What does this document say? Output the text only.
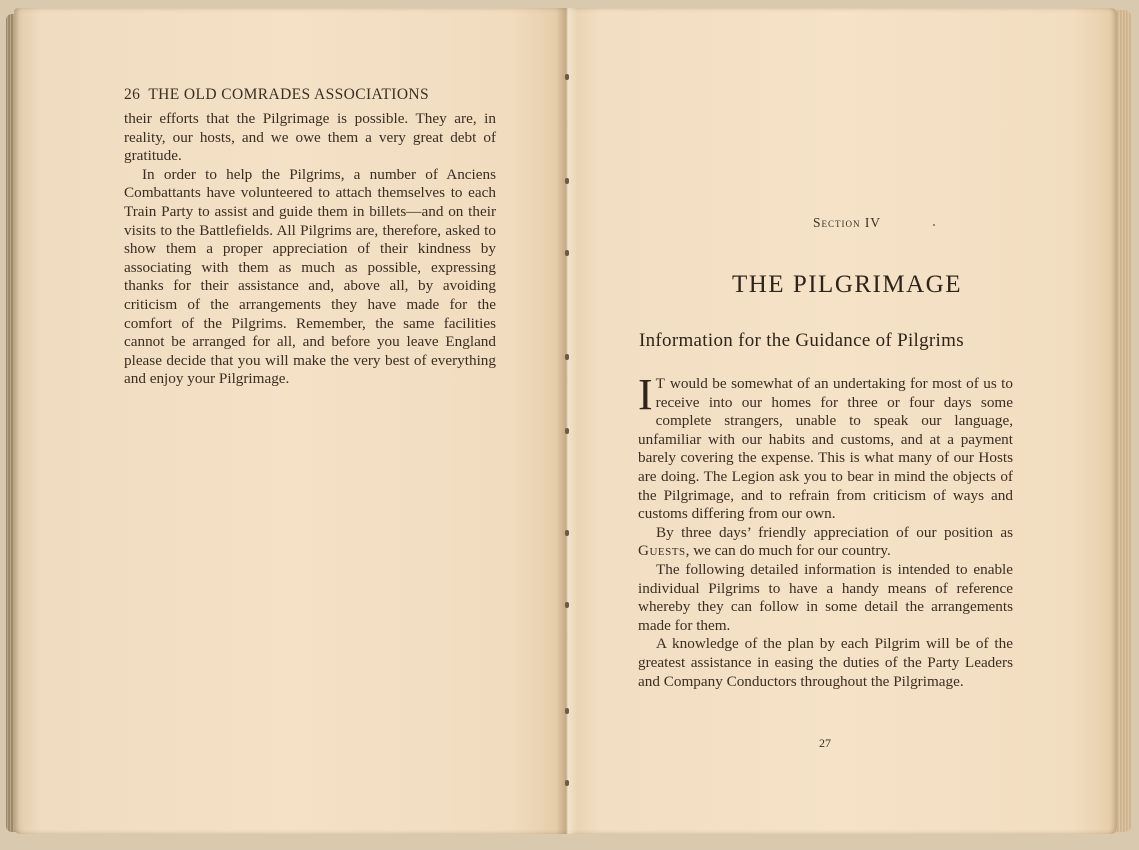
26 THE OLD COMRADES ASSOCIATIONS

their efforts that the Pilgrimage is possible. They are, in reality, our hosts, and we owe them a very great debt of gratitude.

In order to help the Pilgrims, a number of Anciens Combattants have volunteered to attach themselves to each Train Party to assist and guide them in billets—and on their visits to the Battlefields. All Pilgrims are, therefore, asked to show them a proper appreciation of their kindness by associating with them as much as possible, expressing thanks for their assistance and, above all, by avoiding criticism of the arrangements they have made for the comfort of the Pilgrims. Remember, the same facilities cannot be arranged for all, and before you leave England please decide that you will make the very best of everything and enjoy your Pilgrimage.

Section IV
THE PILGRIMAGE
Information for the Guidance of Pilgrims

I T would be somewhat of an undertaking for most of us to receive into our homes for three or four days some complete strangers, unable to speak our language, unfamiliar with our habits and customs, and at a payment barely covering the expense. This is what many of our Hosts are doing. The Legion ask you to bear in mind the objects of the Pilgrimage, and to refrain from criticism of ways and customs differing from our own.

By three days’ friendly appreciation of our position as Guests, we can do much for our country.

The following detailed information is intended to enable individual Pilgrims to have a handy means of reference whereby they can follow in some detail the arrangements made for them.

A knowledge of the plan by each Pilgrim will be of the greatest assistance in easing the duties of the Party Leaders and Company Conductors throughout the Pilgrimage.

27
